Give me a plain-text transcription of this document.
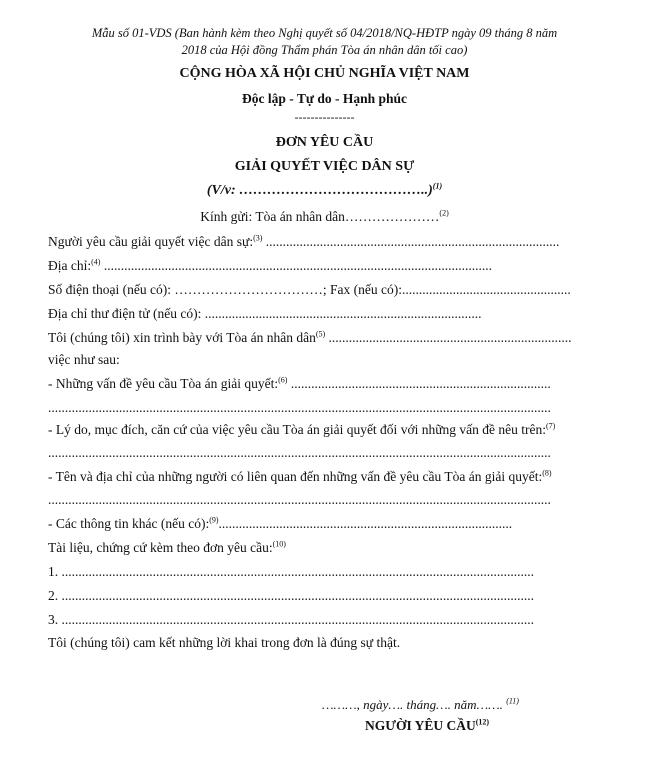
Mẫu số 01-VDS (Ban hành kèm theo Nghị quyết số 04/2018/NQ-HĐTP ngày 09 tháng 8 năm
2018 của Hội đồng Thẩm phán Tòa án nhân dân tối cao)
CỘNG HÒA XÃ HỘI CHỦ NGHĨA VIỆT NAM
Độc lập - Tự do - Hạnh phúc
---------------
ĐƠN YÊU CẦU
GIẢI QUYẾT VIỆC DÂN SỰ
(V/v: …………………………………..)$^{(1)}$
Kính gửi: Tòa án nhân dân…………………$^{(2)}$
Người yêu cầu giải quyết việc dân sự:$^{(3)}$ .......................................................................................
Địa chỉ:$^{(4)}$ ...................................................................................................................
Số điện thoại (nếu có): ……………………………; Fax (nếu có):..................................................
Địa chỉ thư điện tử (nếu có): ..................................................................................
Tôi (chúng tôi) xin trình bày với Tòa án nhân dân$^{(5)}$ ........................................................................
việc như sau:
- Những vấn đề yêu cầu Tòa án giải quyết:$^{(6)}$ .............................................................................
.....................................................................................................................................................
- Lý do, mục đích, căn cứ của việc yêu cầu Tòa án giải quyết đối với những vấn đề nêu trên:$^{(7)}$
.....................................................................................................................................................
- Tên và địa chỉ của những người có liên quan đến những vấn đề yêu cầu Tòa án giải quyết:$^{(8)}$
.....................................................................................................................................................
- Các thông tin khác (nếu có):$^{(9)}$.......................................................................................
Tài liệu, chứng cứ kèm theo đơn yêu cầu:$^{(10)}$
1. ............................................................................................................................................
2. ............................................................................................................................................
3. ............................................................................................................................................
Tôi (chúng tôi) cam kết những lời khai trong đơn là đúng sự thật.
………, ngày…. tháng…. năm……. $^{(11)}$
NGƯỜI YÊU CẦU$^{(12)}$
